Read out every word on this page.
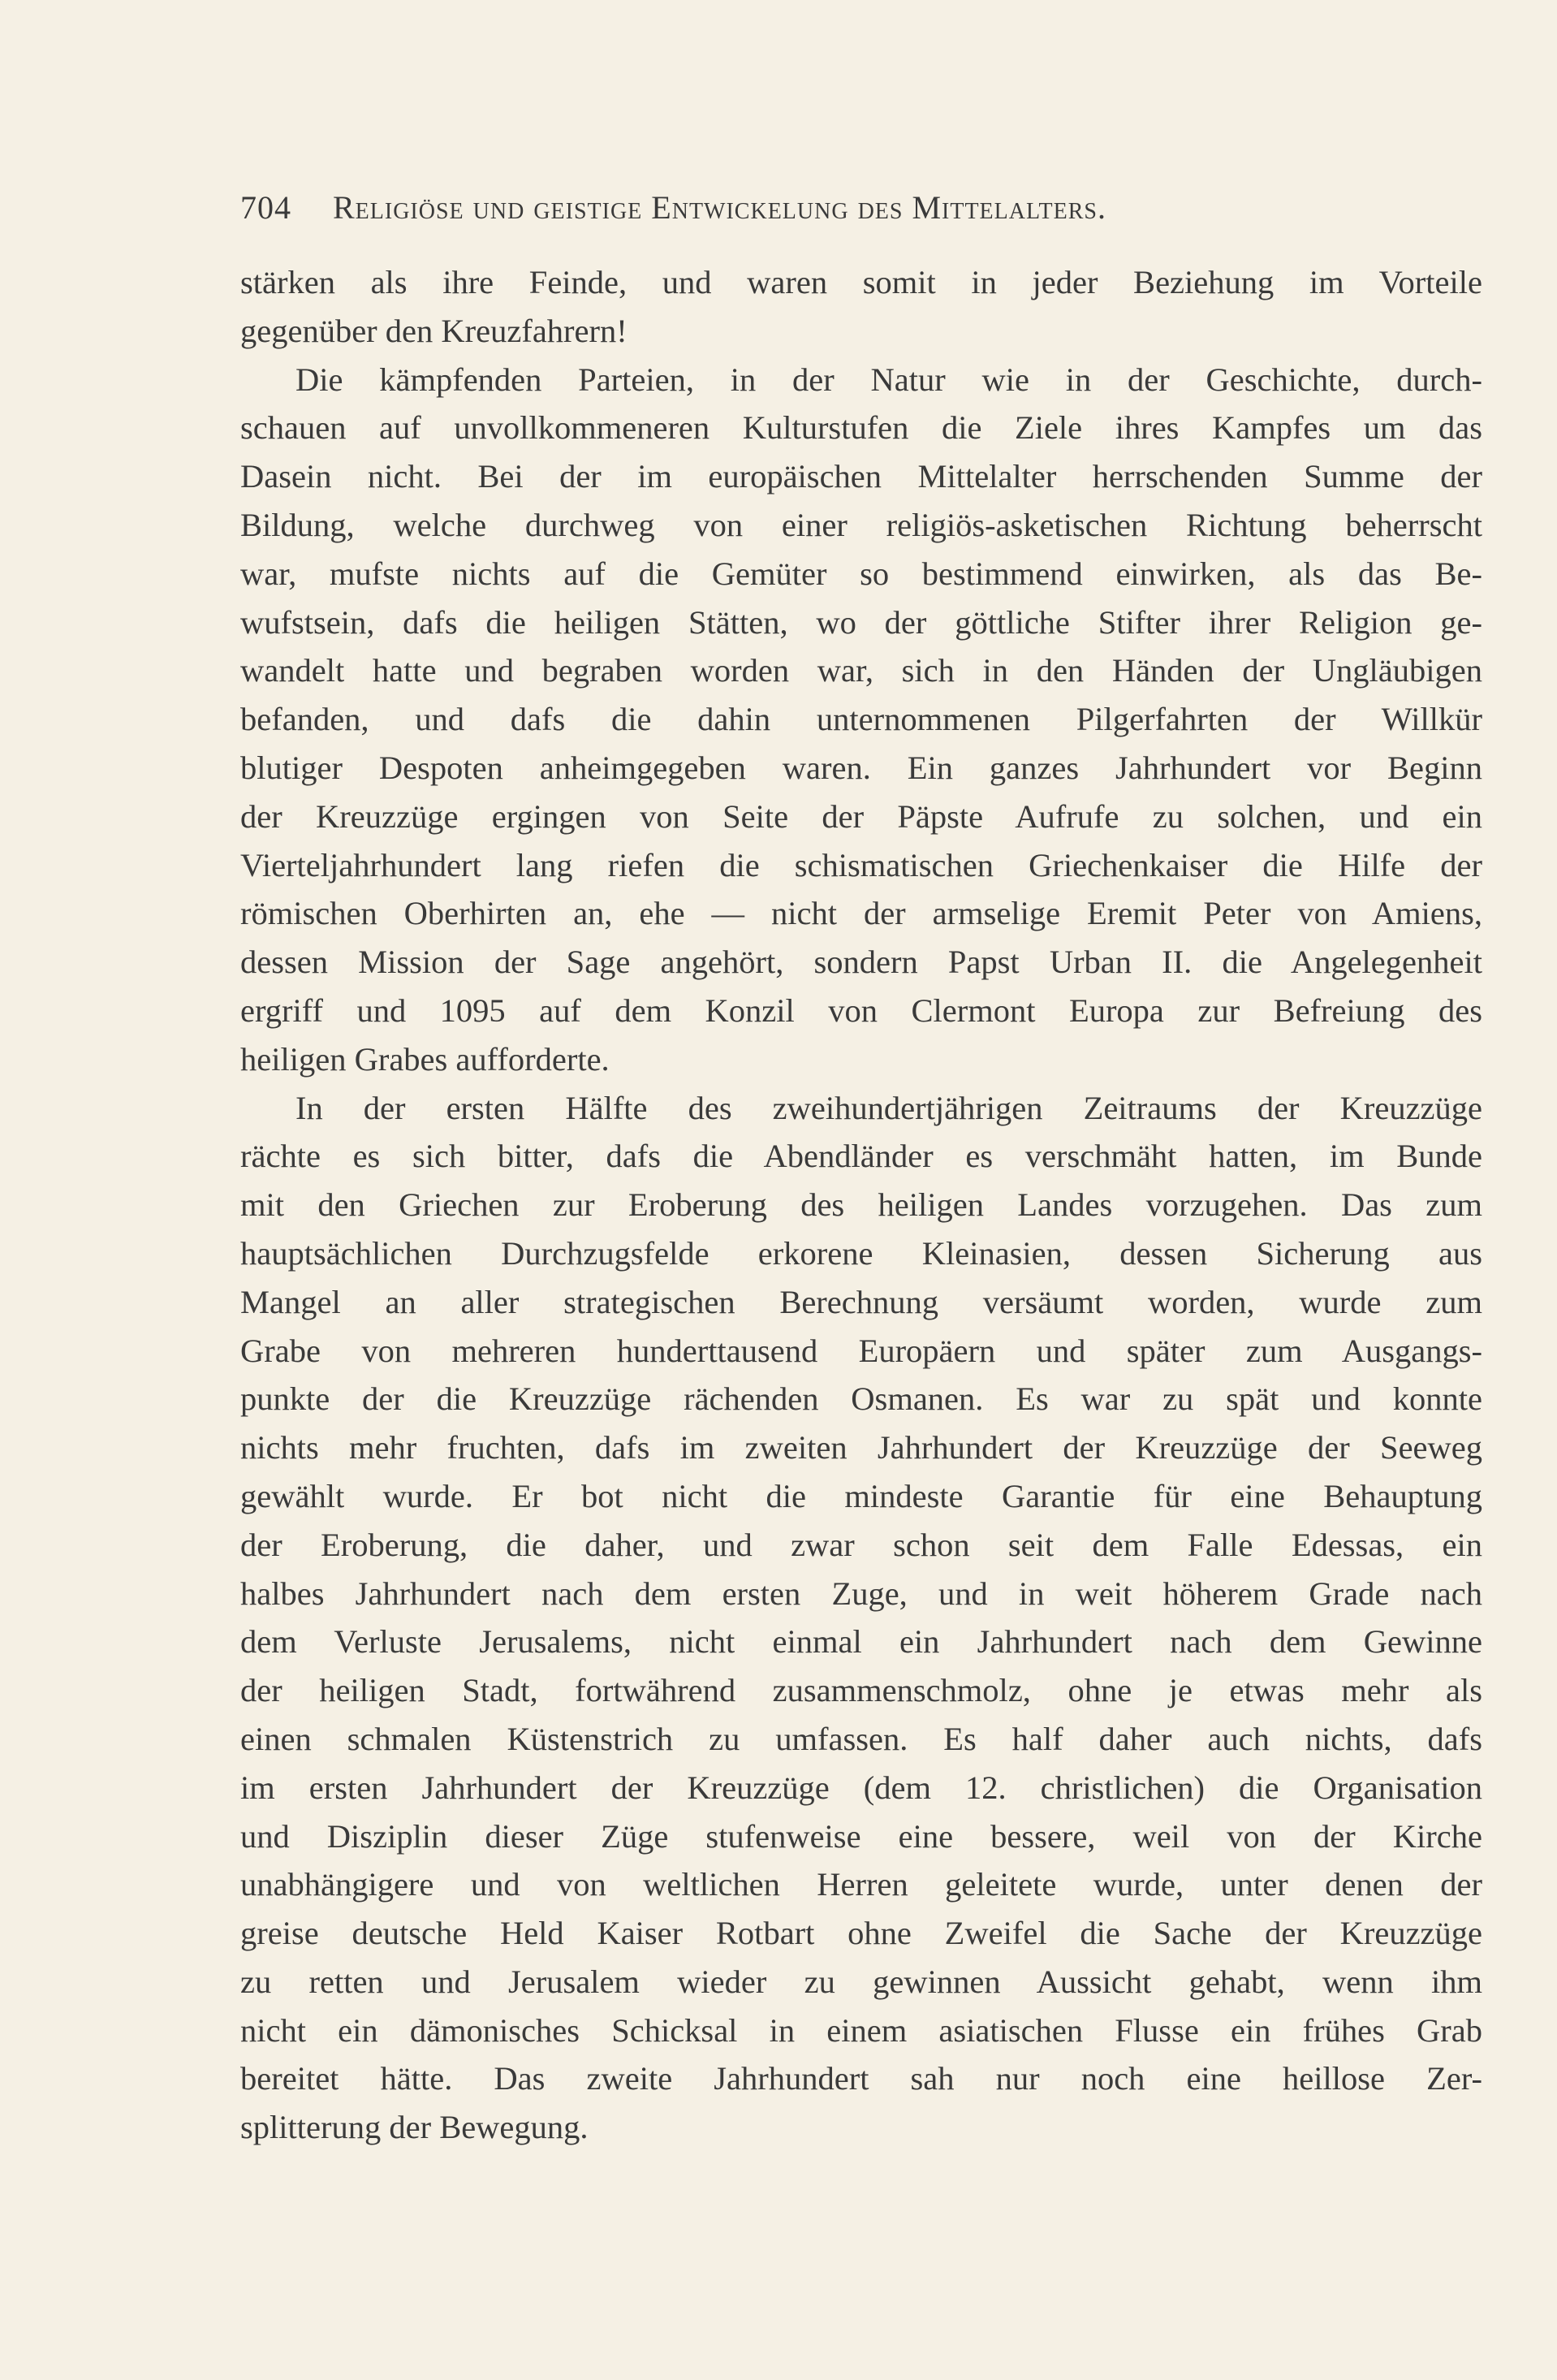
704 Religiöse und geistige Entwickelung des Mittelalters.
stärken als ihre Feinde, und waren somit in jeder Beziehung im Vorteile
gegenüber den Kreuzfahrern!
Die kämpfenden Parteien, in der Natur wie in der Geschichte, durch-
schauen auf unvollkommeneren Kulturstufen die Ziele ihres Kampfes um das
Dasein nicht. Bei der im europäischen Mittelalter herrschenden Summe der
Bildung, welche durchweg von einer religiös-asketischen Richtung beherrscht
war, mufste nichts auf die Gemüter so bestimmend einwirken, als das Be-
wufstsein, dafs die heiligen Stätten, wo der göttliche Stifter ihrer Religion ge-
wandelt hatte und begraben worden war, sich in den Händen der Ungläubigen
befanden, und dafs die dahin unternommenen Pilgerfahrten der Willkür
blutiger Despoten anheimgegeben waren. Ein ganzes Jahrhundert vor Beginn
der Kreuzzüge ergingen von Seite der Päpste Aufrufe zu solchen, und ein
Vierteljahrhundert lang riefen die schismatischen Griechenkaiser die Hilfe der
römischen Oberhirten an, ehe — nicht der armselige Eremit Peter von Amiens,
dessen Mission der Sage angehört, sondern Papst Urban II. die Angelegenheit
ergriff und 1095 auf dem Konzil von Clermont Europa zur Befreiung des
heiligen Grabes aufforderte.
In der ersten Hälfte des zweihundertjährigen Zeitraums der Kreuzzüge
rächte es sich bitter, dafs die Abendländer es verschmäht hatten, im Bunde
mit den Griechen zur Eroberung des heiligen Landes vorzugehen. Das zum
hauptsächlichen Durchzugsfelde erkorene Kleinasien, dessen Sicherung aus
Mangel an aller strategischen Berechnung versäumt worden, wurde zum
Grabe von mehreren hunderttausend Europäern und später zum Ausgangs-
punkte der die Kreuzzüge rächenden Osmanen. Es war zu spät und konnte
nichts mehr fruchten, dafs im zweiten Jahrhundert der Kreuzzüge der Seeweg
gewählt wurde. Er bot nicht die mindeste Garantie für eine Behauptung
der Eroberung, die daher, und zwar schon seit dem Falle Edessas, ein
halbes Jahrhundert nach dem ersten Zuge, und in weit höherem Grade nach
dem Verluste Jerusalems, nicht einmal ein Jahrhundert nach dem Gewinne
der heiligen Stadt, fortwährend zusammenschmolz, ohne je etwas mehr als
einen schmalen Küstenstrich zu umfassen. Es half daher auch nichts, dafs
im ersten Jahrhundert der Kreuzzüge (dem 12. christlichen) die Organisation
und Disziplin dieser Züge stufenweise eine bessere, weil von der Kirche
unabhängigere und von weltlichen Herren geleitete wurde, unter denen der
greise deutsche Held Kaiser Rotbart ohne Zweifel die Sache der Kreuzzüge
zu retten und Jerusalem wieder zu gewinnen Aussicht gehabt, wenn ihm
nicht ein dämonisches Schicksal in einem asiatischen Flusse ein frühes Grab
bereitet hätte. Das zweite Jahrhundert sah nur noch eine heillose Zer-
splitterung der Bewegung.
